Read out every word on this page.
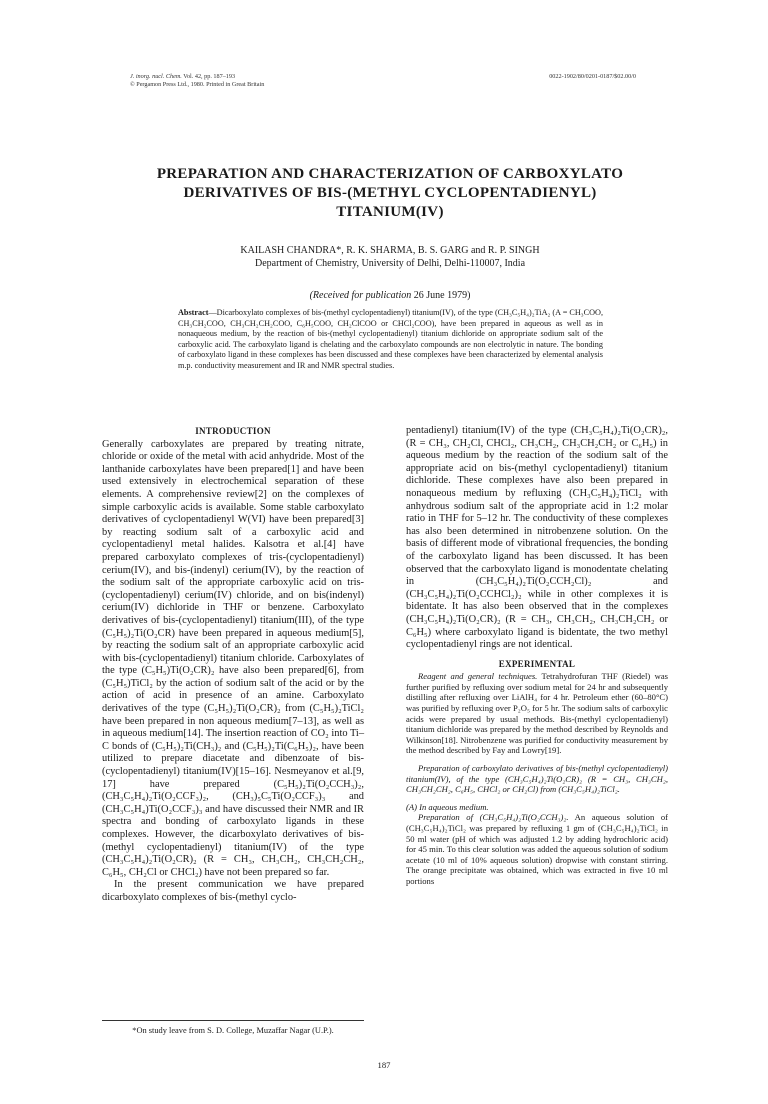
J. inorg. nucl. Chem. Vol. 42, pp. 187–193
© Pergamon Press Ltd., 1980. Printed in Great Britain
0022-1902/80/0201-0187/$02.00/0
PREPARATION AND CHARACTERIZATION OF CARBOXYLATO DERIVATIVES OF BIS-(METHYL CYCLOPENTADIENYL) TITANIUM(IV)
KAILASH CHANDRA*, R. K. SHARMA, B. S. GARG and R. P. SINGH
Department of Chemistry, University of Delhi, Delhi-110007, India
(Received for publication 26 June 1979)
Abstract—Dicarboxylato complexes of bis-(methyl cyclopentadienyl) titanium(IV), of the type (CH₃C₅H₄)₂TiA₂ (A = CH₃COO, CH₃CH₂COO, CH₃CH₂CH₂COO, C₆H₅COO, CH₂ClCOO or CHCl₂COO), have been prepared in aqueous as well as in nonaqueous medium, by the reaction of bis-(methyl cyclopentadienyl) titanium dichloride on appropriate sodium salt of the carboxylic acid. The carboxylato ligand is chelating and the carboxylato compounds are non electrolytic in nature. The bonding of carboxylato ligand in these complexes has been discussed and these complexes have been characterized by elemental analysis m.p. conductivity measurement and IR and NMR spectral studies.
INTRODUCTION

Generally carboxylates are prepared by treating nitrate, chloride or oxide of the metal with acid anhydride. Most of the lanthanide carboxylates have been prepared[1] and have been used extensively in electrochemical separation of these elements. A comprehensive review[2] on the complexes of simple carboxylic acids is available. Some stable carboxylato derivatives of cyclopentadienyl W(VI) have been prepared[3] by reacting sodium salt of a carboxylic acid and cyclopentadienyl metal halides. Kalsotra et al.[4] have prepared carboxylato complexes of tris-(cyclopentadienyl) cerium(IV), and bis-(indenyl) cerium(IV), by the reaction of the sodium salt of the appropriate carboxylic acid on tris-(cyclopentadienyl) cerium(IV) chloride, and on bis(indenyl) cerium(IV) dichloride in THF or benzene. Carboxylato derivatives of bis-(cyclopentadienyl) titanium(III), of the type (C₅H₅)₂Ti(O₂CR) have been prepared in aqueous medium[5], by reacting the sodium salt of an appropriate carboxylic acid with bis-(cyclopentadienyl) titanium chloride. Carboxylates of the type (C₅H₅)Ti(O₂CR)₂ have also been prepared[6], from (C₅H₅)TiCl₂ by the action of sodium salt of the acid or by the action of acid in presence of an amine. Carboxylato derivatives of the type (C₅H₅)₂Ti(O₂CR)₂ from (C₅H₅)₂TiCl₂ have been prepared in non aqueous medium[7–13], as well as in aqueous medium[14]. The insertion reaction of CO₂ into Ti–C bonds of (C₅H₅)₂Ti(CH₃)₂ and (C₅H₅)₂Ti(C₆H₅)₂, have been utilized to prepare diacetate and dibenzoate of bis-(cyclopentadienyl) titanium(IV)[15–16]. Nesmeyanov et al.[9, 17] have prepared (C₅H₅)₂Ti(O₂CCH₃)₂, (CH₃C₅H₄)₂Ti(O₂CCF₃)₂, (CH₃)₅C₅Ti(O₂CCF₃)₃ and (CH₃C₅H₄)Ti(O₂CCF₃)₃ and have discussed their NMR and IR spectra and bonding of carboxylato ligands in these complexes. However, the dicarboxylato derivatives of bis-(methyl cyclopentadienyl) titanium(IV) of the type (CH₃C₅H₄)₂Ti(O₂CR)₂ (R = CH₃, CH₃CH₂, CH₃CH₂CH₂, C₆H₅, CH₂Cl or CHCl₂) have not been prepared so far.

In the present communication we have prepared dicarboxylato complexes of bis-(methyl cyclo-

pentadienyl) titanium(IV) of the type (CH₃C₅H₄)₂Ti(O₂CR)₂, (R = CH₃, CH₂Cl, CHCl₂, CH₃CH₂, CH₃CH₂CH₂ or C₆H₅) in aqueous medium by the reaction of the sodium salt of the appropriate acid on bis-(methyl cyclopentadienyl) titanium dichloride. These complexes have also been prepared in nonaqueous medium by refluxing (CH₃C₅H₄)₂TiCl₂ with anhydrous sodium salt of the appropriate acid in 1:2 molar ratio in THF for 5–12 hr. The conductivity of these complexes has also been determined in nitrobenzene solution. On the basis of different mode of vibrational frequencies, the bonding of the carboxylato ligand has been discussed. It has been observed that the carboxylato ligand is monodentate chelating in (CH₃C₅H₄)₂Ti(O₂CCH₂Cl)₂ and (CH₃C₅H₄)₂Ti(O₂CCHCl₂)₂ while in other complexes it is bidentate. It has also been observed that in the complexes (CH₃C₅H₄)₂Ti(O₂CR)₂ (R = CH₃, CH₃CH₂, CH₃CH₂CH₂ or C₆H₅) where carboxylato ligand is bidentate, the two methyl cyclopentadienyl rings are not identical.

EXPERIMENTAL

Reagent and general techniques. Tetrahydrofuran THF (Riedel) was further purified by refluxing over sodium metal for 24 hr and subsequently distilling after refluxing over LiAlH₄ for 4 hr. Petroleum ether (60–80°C) was purified by refluxing over P₂O₅ for 5 hr. The sodium salts of carboxylic acids were prepared by usual methods. Bis-(methyl cyclopentadienyl) titanium dichloride was prepared by the method described by Reynolds and Wilkinson[18]. Nitrobenzene was purified for conductivity measurement by the method described by Fay and Lowry[19].

Preparation of carboxylato derivatives of bis-(methyl cyclopentadienyl) titanium(IV), of the type (CH₃C₅H₄)₂Ti(O₂CR)₂ (R = CH₃, CH₃CH₂, CH₃CH₂CH₂, C₆H₅, CHCl₂ or CH₂Cl) from (CH₃C₅H₄)₂TiCl₂.

(A) In aqueous medium.

Preparation of (CH₃C₅H₄)₂Ti(O₂CCH₃)₂. An aqueous solution of (CH₃C₅H₄)₂TiCl₂ was prepared by refluxing 1 gm of (CH₃C₅H₄)₂TiCl₂ in 50 ml water (pH of which was adjusted 1.2 by adding hydrochloric acid) for 45 min. To this clear solution was added the aqueous solution of sodium acetate (10 ml of 10% aqueous solution) dropwise with constant stirring. The orange precipitate was obtained, which was extracted in five 10 ml portions

*On study leave from S. D. College, Muzaffar Nagar (U.P.).
187
